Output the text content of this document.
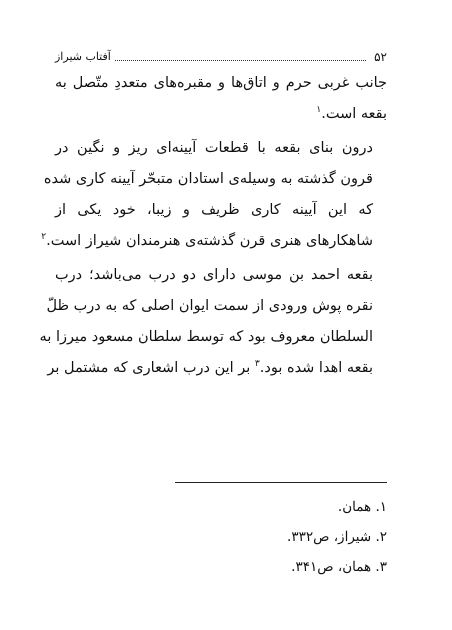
۵۲
آفتاب شیراز
جانب غربی حرم و اتاق‌ها و مقبره‌های متعددِ متّصل به
بقعه است.$^۱$
درون بنای بقعه با قطعات آیینه‌ای ریز و نگین در
قرون گذشته به وسیله‌ی استادان متبحّر آیینه کاری شده
که این آیینه کاری ظریف و زیبا، خود یکی از
شاهکارهای هنری قرن گذشته‌ی هنرمندان شیراز است.$^۲$
بقعه احمد بن موسی دارای دو درب می‌باشد؛ درب
نقره پوش ورودی از سمت ایوان اصلی که به درب ظلّ
السلطان معروف بود که توسط سلطان مسعود میرزا به
بقعه اهدا شده بود.$^۳$ بر این درب اشعاری که مشتمل بر
۱. همان.
۲. شیراز، ص۳۳۲.
۳. همان، ص۳۴۱.
